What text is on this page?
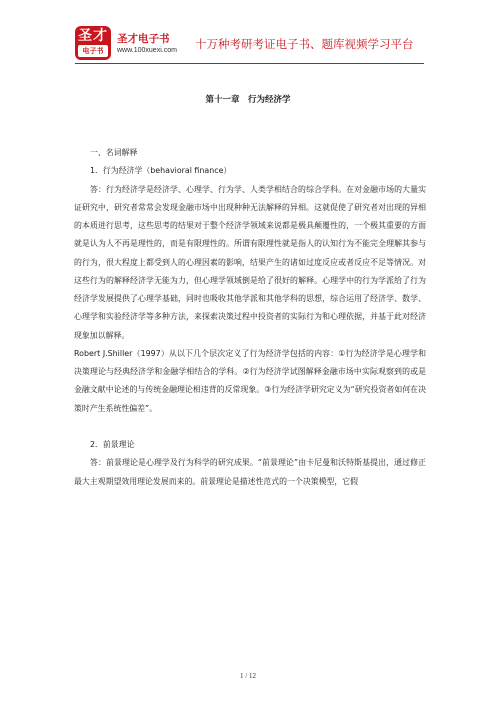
圣才
电子书
圣才电子书
www.100xuexi.com 十万种考研考证电子书、题库视频学习平台
第十一章　行为经济学

一、名词解释

1．行为经济学（behavioral finance）

答：行为经济学是经济学、心理学、行为学、人类学相结合的综合学科。在对金融市场的大量实证研究中，研究者常常会发现金融市场中出现种种无法解释的异相。这就促使了研究者对出现的异相的本质进行思考，这些思考的结果对于整个经济学领域来说都是极具颠覆性的，一个极其重要的方面就是认为人不再是理性的，而是有限理性的。所谓有限理性就是指人的认知行为不能完全理解其参与的行为，很大程度上都受到人的心理因素的影响，结果产生的诸如过度反应或者反应不足等情况。对这些行为的解释经济学无能为力，但心理学领域倒是给了很好的解释。心理学中的行为学派给了行为经济学发展提供了心理学基础，同时也吸收其他学派和其他学科的思想，综合运用了经济学、数学、心理学和实验经济学等多种方法，来探索决策过程中投资者的实际行为和心理依据，并基于此对经济现象加以解释。

Robert J.Shiller（1997）从以下几个层次定义了行为经济学包括的内容：①行为经济学是心理学和决策理论与经典经济学和金融学相结合的学科。②行为经济学试图解释金融市场中实际观察到的或是金融文献中论述的与传统金融理论相违背的反常现象。③行为经济学研究定义为“研究投资者如何在决策时产生系统性偏差”。

2．前景理论

答：前景理论是心理学及行为科学的研究成果。“前景理论”由卡尼曼和沃特斯基提出，通过修正最大主观期望效用理论发展而来的。前景理论是描述性范式的一个决策模型，它假

1 / 12
